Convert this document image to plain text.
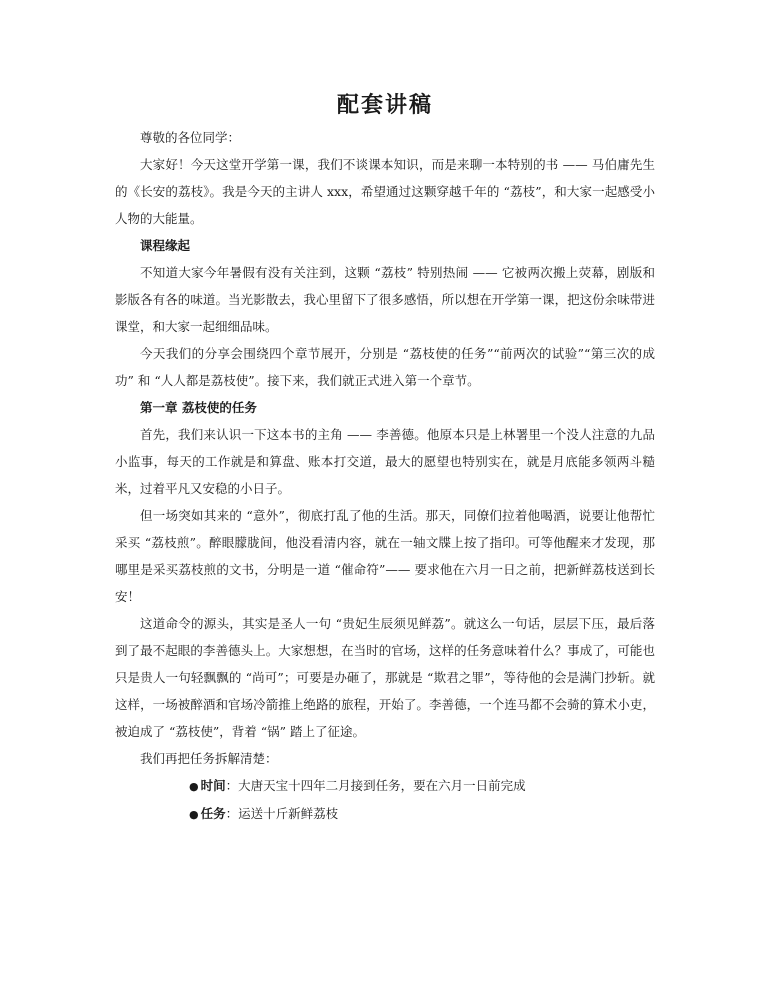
配套讲稿

尊敬的各位同学：

大家好！今天这堂开学第一课，我们不谈课本知识，而是来聊一本特别的书 —— 马伯庸先生的《长安的荔枝》。我是今天的主讲人 xxx，希望通过这颗穿越千年的 “荔枝”，和大家一起感受小人物的大能量。

课程缘起

不知道大家今年暑假有没有关注到，这颗 “荔枝” 特别热闹 —— 它被两次搬上荧幕，剧版和影版各有各的味道。当光影散去，我心里留下了很多感悟，所以想在开学第一课，把这份余味带进课堂，和大家一起细细品味。

今天我们的分享会围绕四个章节展开，分别是 “荔枝使的任务”“前两次的试验”“第三次的成功” 和 “人人都是荔枝使”。接下来，我们就正式进入第一个章节。

第一章 荔枝使的任务

首先，我们来认识一下这本书的主角 —— 李善德。他原本只是上林署里一个没人注意的九品小监事，每天的工作就是和算盘、账本打交道，最大的愿望也特别实在，就是月底能多领两斗糙米，过着平凡又安稳的小日子。

但一场突如其来的 “意外”，彻底打乱了他的生活。那天，同僚们拉着他喝酒，说要让他帮忙采买 “荔枝煎”。醉眼朦胧间，他没看清内容，就在一轴文牒上按了指印。可等他醒来才发现，那哪里是采买荔枝煎的文书，分明是一道 “催命符”—— 要求他在六月一日之前，把新鲜荔枝送到长安！

这道命令的源头，其实是圣人一句 “贵妃生辰须见鲜荔”。就这么一句话，层层下压，最后落到了最不起眼的李善德头上。大家想想，在当时的官场，这样的任务意味着什么？事成了，可能也只是贵人一句轻飘飘的 “尚可”；可要是办砸了，那就是 “欺君之罪”，等待他的会是满门抄斩。就这样，一场被醉酒和官场冷箭推上绝路的旅程，开始了。李善德，一个连马都不会骑的算术小吏，被迫成了 “荔枝使”，背着 “锅” 踏上了征途。

我们再把任务拆解清楚：

● 时间：大唐天宝十四年二月接到任务，要在六月一日前完成
● 任务：运送十斤新鲜荔枝
